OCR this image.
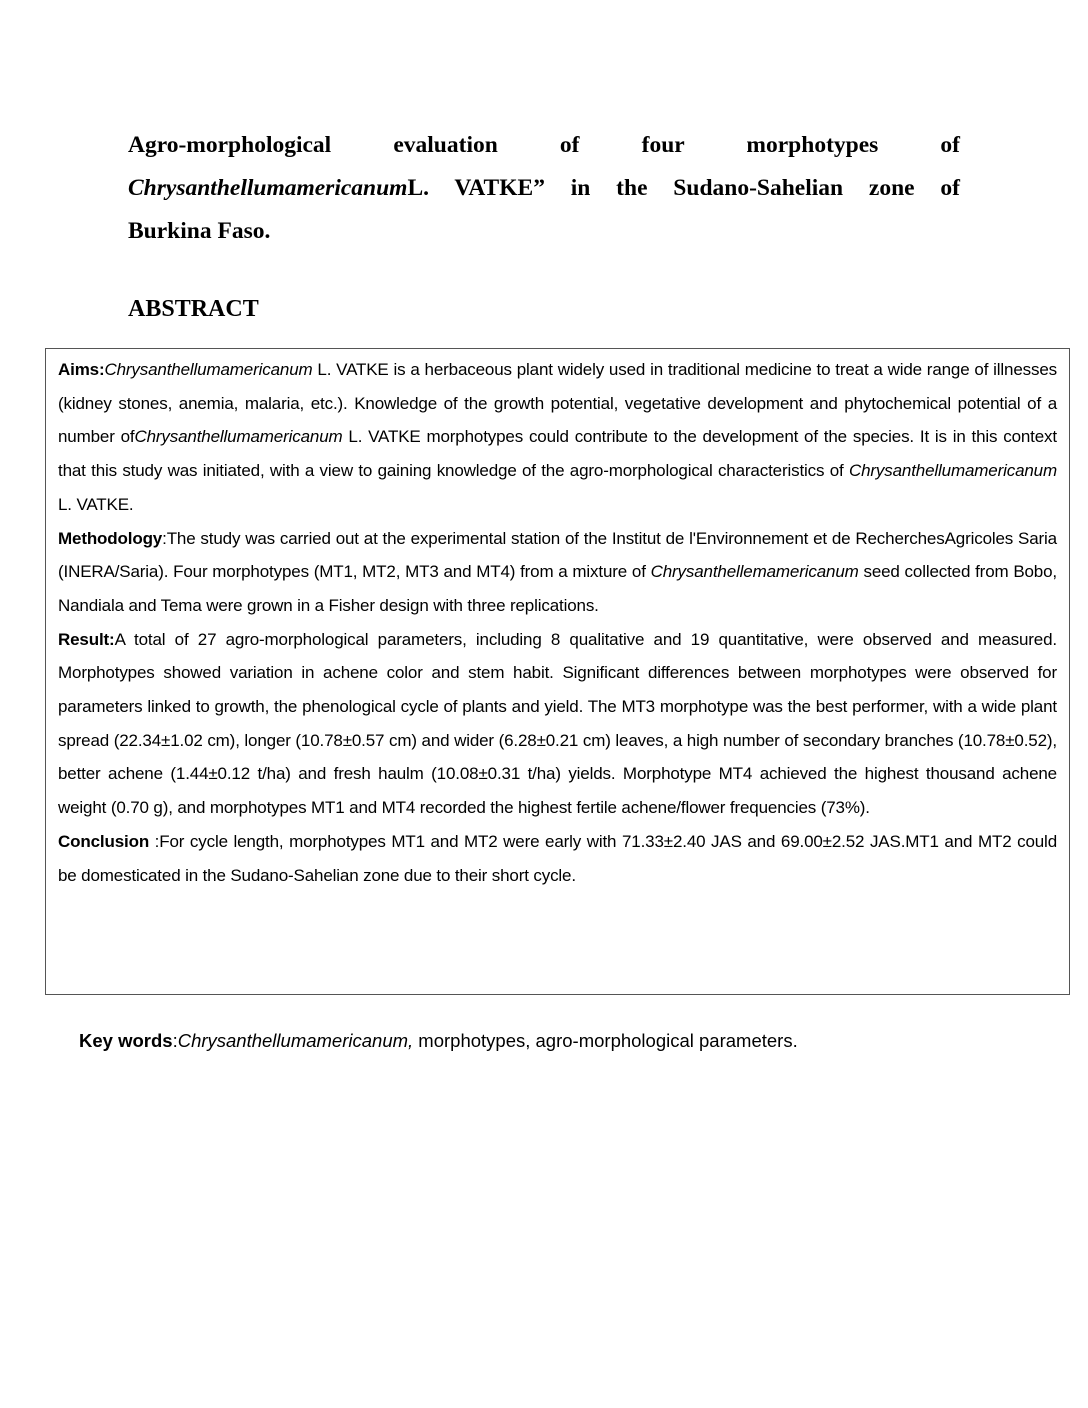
Agro-morphological evaluation of four morphotypes of
ChrysanthellumamericanumL. VATKE” in the Sudano-Sahelian zone of
Burkina Faso.
ABSTRACT

Aims:Chrysanthellumamericanum L. VATKE is a herbaceous plant widely used in traditional medicine to treat a wide range of illnesses (kidney stones, anemia, malaria, etc.). Knowledge of the growth potential, vegetative development and phytochemical potential of a number ofChrysanthellumamericanum L. VATKE morphotypes could contribute to the development of the species. It is in this context that this study was initiated, with a view to gaining knowledge of the agro-morphological characteristics of Chrysanthellumamericanum L. VATKE.

Methodology:The study was carried out at the experimental station of the Institut de l'Environnement et de RecherchesAgricoles Saria (INERA/Saria). Four morphotypes (MT1, MT2, MT3 and MT4) from a mixture of Chrysanthellemamericanum seed collected from Bobo, Nandiala and Tema were grown in a Fisher design with three replications.

Result:A total of 27 agro-morphological parameters, including 8 qualitative and 19 quantitative, were observed and measured. Morphotypes showed variation in achene color and stem habit. Significant differences between morphotypes were observed for parameters linked to growth, the phenological cycle of plants and yield. The MT3 morphotype was the best performer, with a wide plant spread (22.34±1.02 cm), longer (10.78±0.57 cm) and wider (6.28±0.21 cm) leaves, a high number of secondary branches (10.78±0.52), better achene (1.44±0.12 t/ha) and fresh haulm (10.08±0.31 t/ha) yields. Morphotype MT4 achieved the highest thousand achene weight (0.70 g), and morphotypes MT1 and MT4 recorded the highest fertile achene/flower frequencies (73%).

Conclusion :For cycle length, morphotypes MT1 and MT2 were early with 71.33±2.40 JAS and 69.00±2.52 JAS.MT1 and MT2 could be domesticated in the Sudano-Sahelian zone due to their short cycle.

Key words:Chrysanthellumamericanum, morphotypes, agro-morphological parameters.
